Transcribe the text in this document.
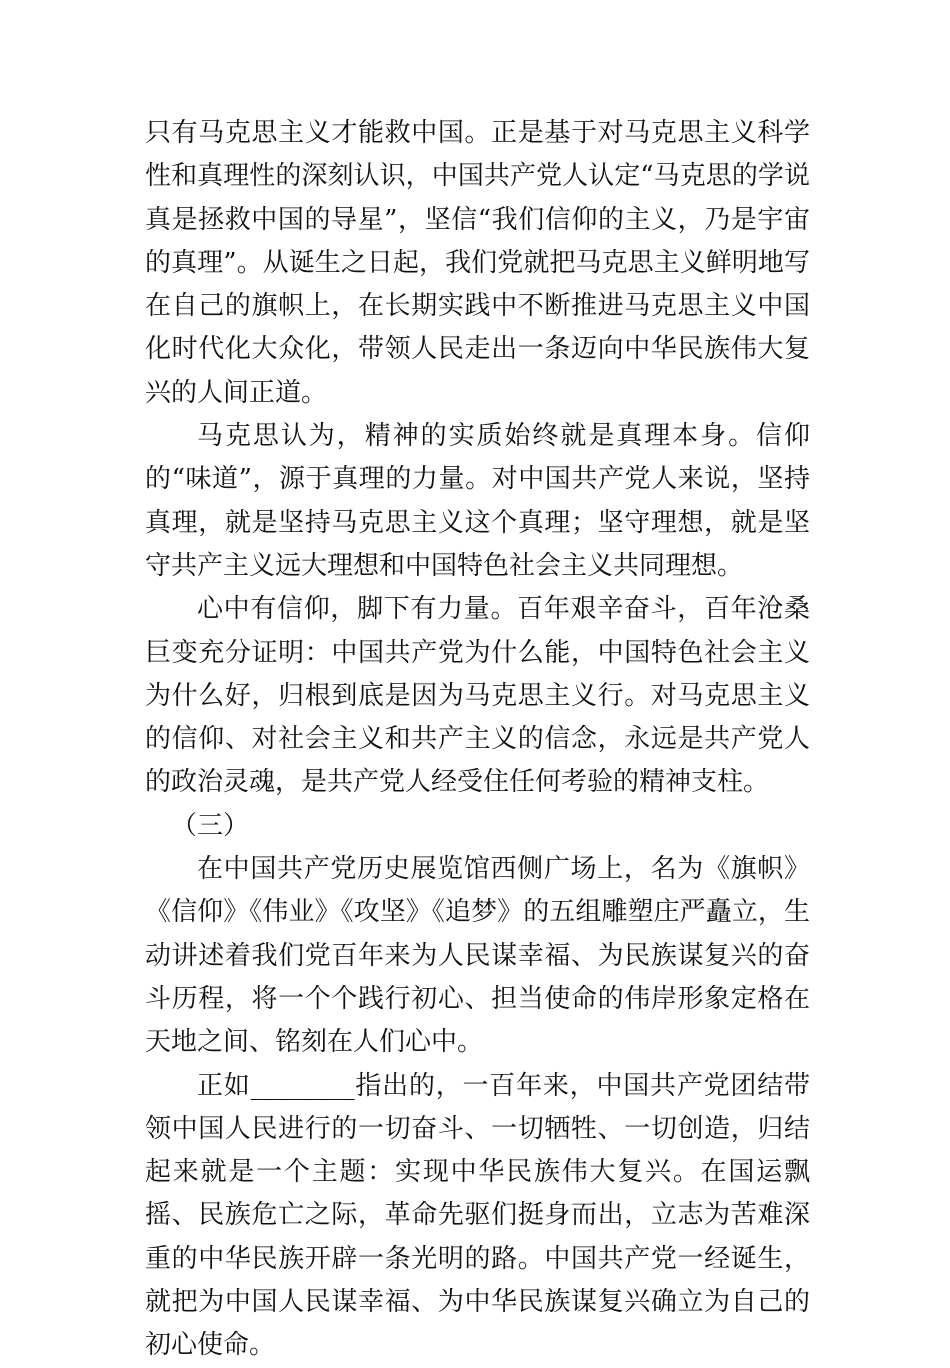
只有马克思主义才能救中国。正是基于对马克思主义科学性和真理性的深刻认识，中国共产党人认定“马克思的学说真是拯救中国的导星”，坚信“我们信仰的主义，乃是宇宙的真理”。从诞生之日起，我们党就把马克思主义鲜明地写在自己的旗帜上，在长期实践中不断推进马克思主义中国化时代化大众化，带领人民走出一条迈向中华民族伟大复兴的人间正道。

马克思认为，精神的实质始终就是真理本身。信仰的“味道”，源于真理的力量。对中国共产党人来说，坚持真理，就是坚持马克思主义这个真理；坚守理想，就是坚守共产主义远大理想和中国特色社会主义共同理想。

心中有信仰，脚下有力量。百年艰辛奋斗，百年沧桑巨变充分证明：中国共产党为什么能，中国特色社会主义为什么好，归根到底是因为马克思主义行。对马克思主义的信仰、对社会主义和共产主义的信念，永远是共产党人的政治灵魂，是共产党人经受住任何考验的精神支柱。

（三）

在中国共产党历史展览馆西侧广场上，名为《旗帜》《信仰》《伟业》《攻坚》《追梦》的五组雕塑庄严矗立，生动讲述着我们党百年来为人民谋幸福、为民族谋复兴的奋斗历程，将一个个践行初心、担当使命的伟岸形象定格在天地之间、铭刻在人们心中。

正如________指出的，一百年来，中国共产党团结带领中国人民进行的一切奋斗、一切牺牲、一切创造，归结起来就是一个主题：实现中华民族伟大复兴。在国运飘摇、民族危亡之际，革命先驱们挺身而出，立志为苦难深重的中华民族开辟一条光明的路。中国共产党一经诞生，就把为中国人民谋幸福、为中华民族谋复兴确立为自己的初心使命。
